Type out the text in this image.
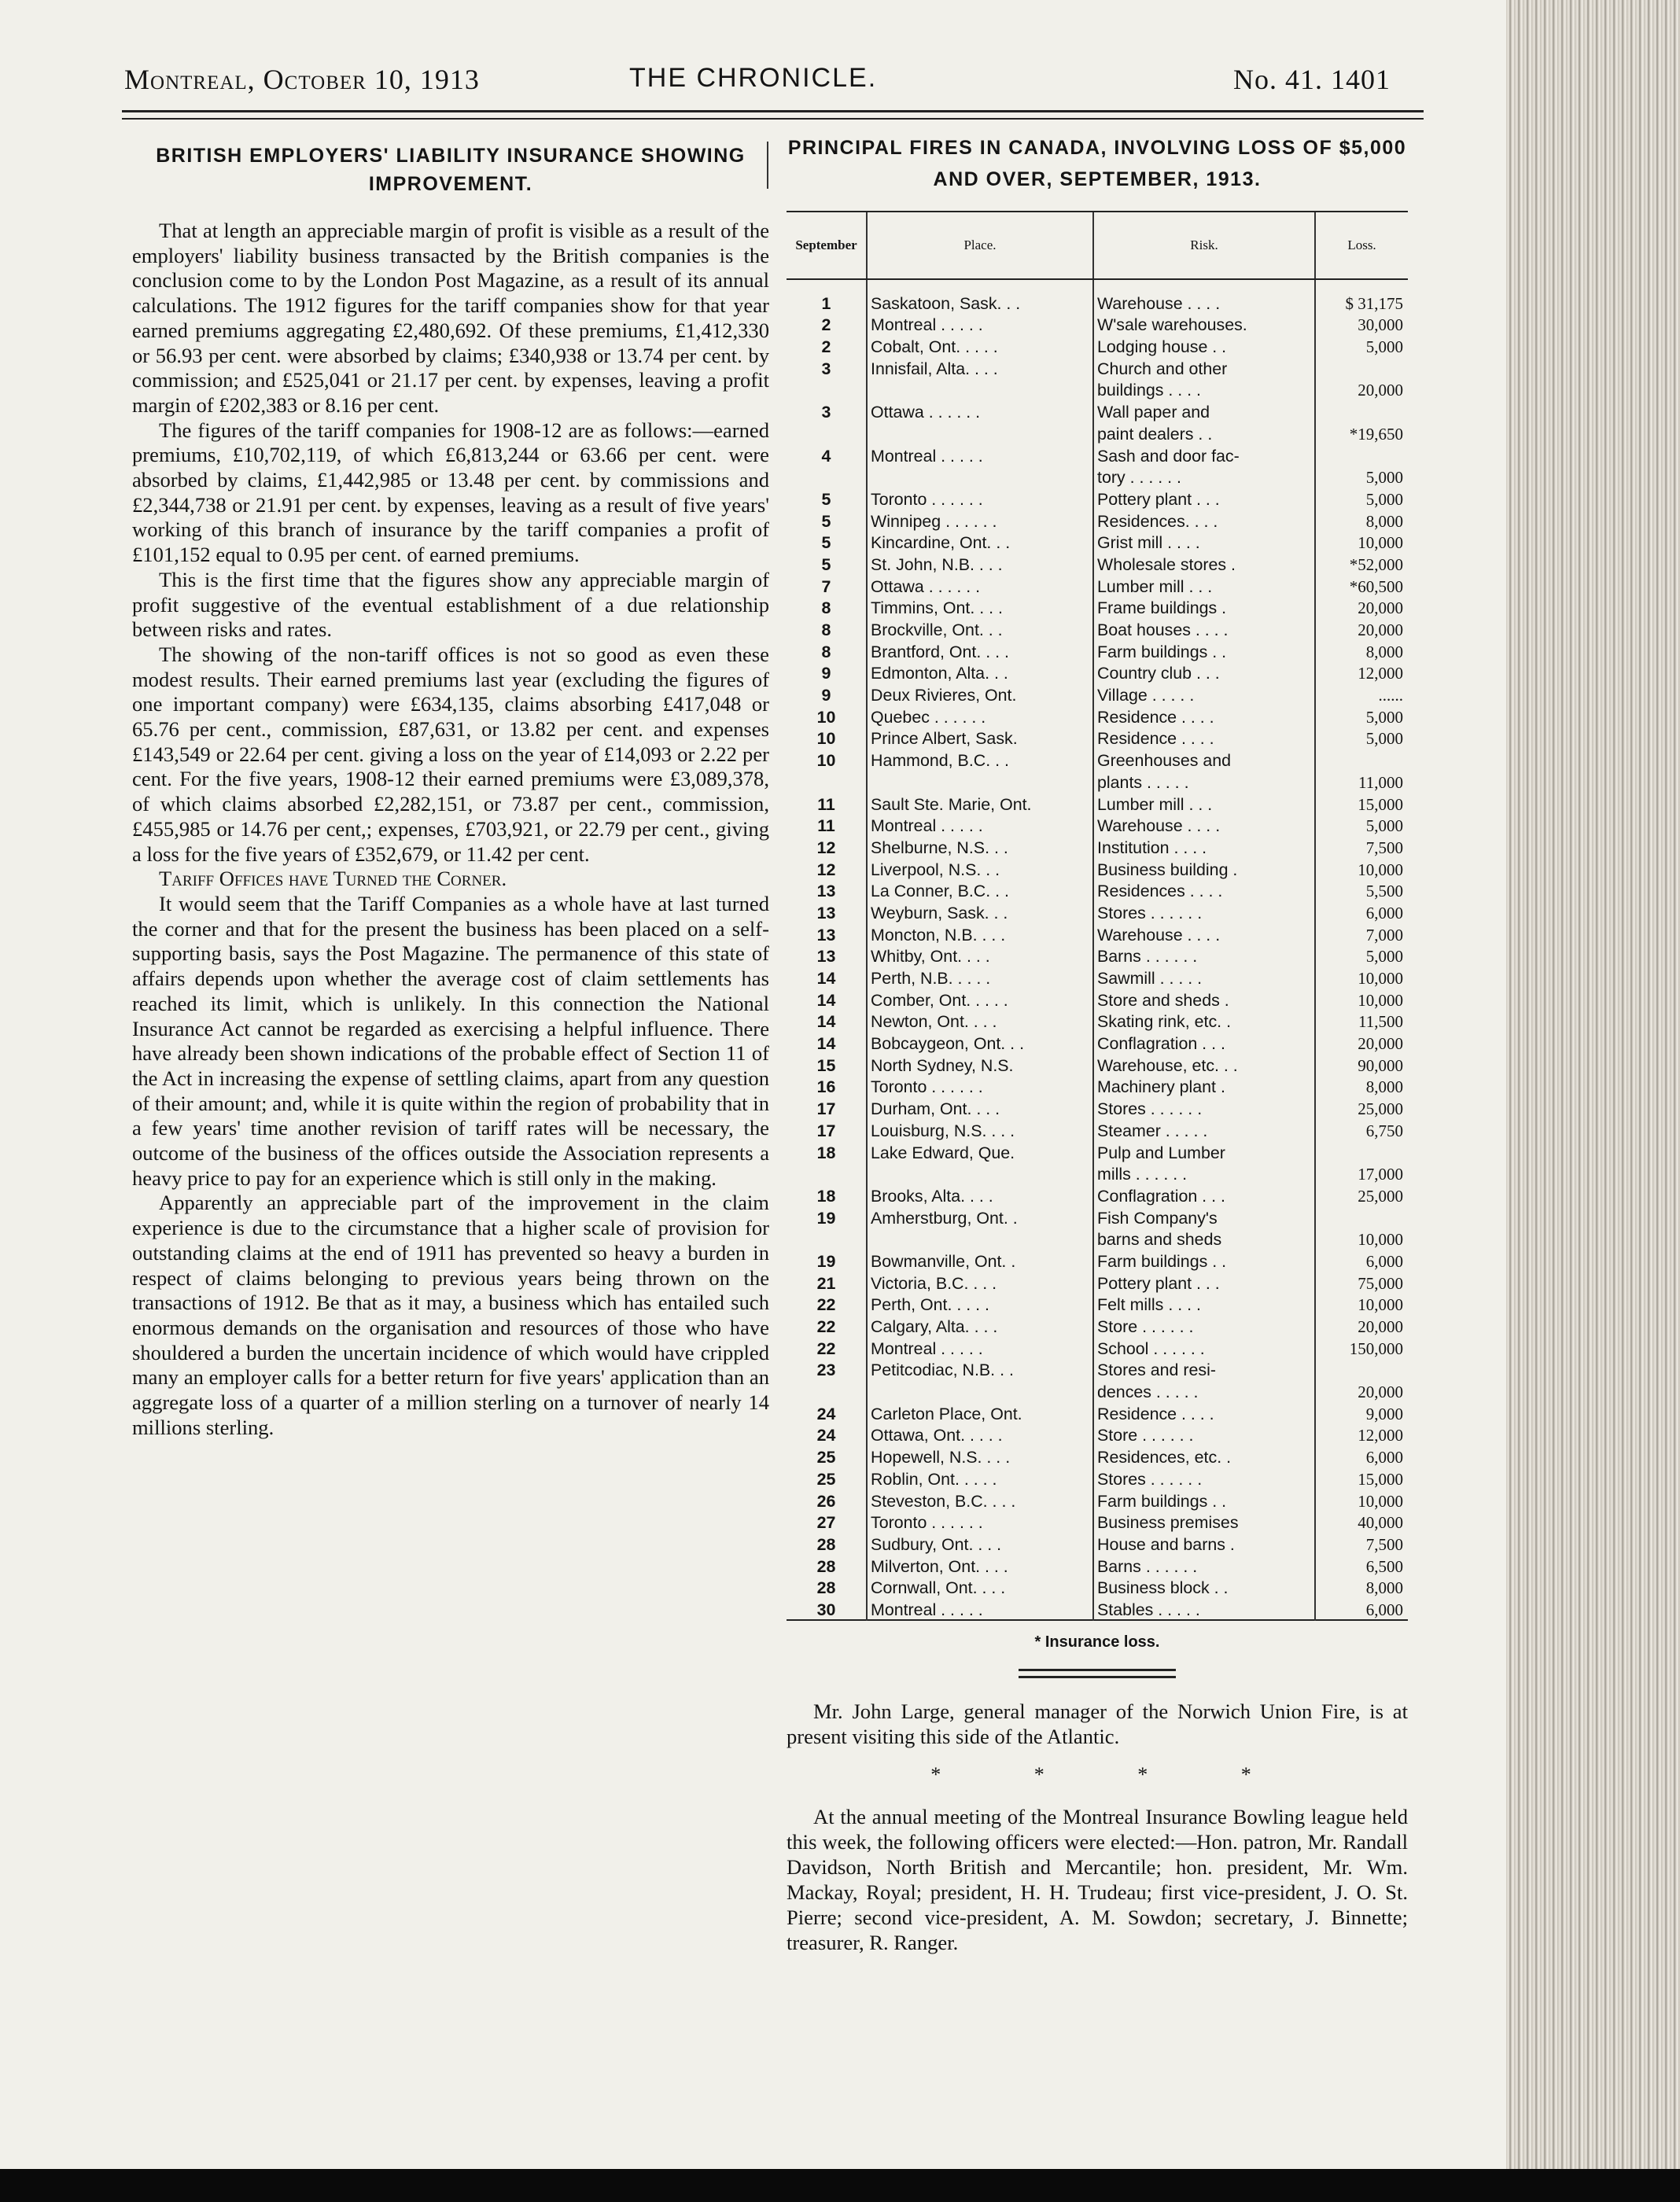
Montreal, October 10, 1913	THE CHRONICLE.	No. 41. 1401
BRITISH EMPLOYERS' LIABILITY INSURANCE SHOWING IMPROVEMENT.

That at length an appreciable margin of profit is visible as a result of the employers' liability business transacted by the British companies is the conclusion come to by the London Post Magazine, as a result of its annual calculations. The 1912 figures for the tariff companies show for that year earned premiums aggregating £2,480,692. Of these premiums, £1,412,330 or 56.93 per cent. were absorbed by claims; £340,938 or 13.74 per cent. by commission; and £525,041 or 21.17 per cent. by expenses, leaving a profit margin of £202,383 or 8.16 per cent.

The figures of the tariff companies for 1908-12 are as follows:—earned premiums, £10,702,119, of which £6,813,244 or 63.66 per cent. were absorbed by claims, £1,442,985 or 13.48 per cent. by commissions and £2,344,738 or 21.91 per cent. by expenses, leaving as a result of five years' working of this branch of insurance by the tariff companies a profit of £101,152 equal to 0.95 per cent. of earned premiums.

This is the first time that the figures show any appreciable margin of profit suggestive of the eventual establishment of a due relationship between risks and rates.

The showing of the non-tariff offices is not so good as even these modest results. Their earned premiums last year (excluding the figures of one important company) were £634,135, claims absorbing £417,048 or 65.76 per cent., commission, £87,631, or 13.82 per cent. and expenses £143,549 or 22.64 per cent. giving a loss on the year of £14,093 or 2.22 per cent. For the five years, 1908-12 their earned premiums were £3,089,378, of which claims absorbed £2,282,151, or 73.87 per cent., commission, £455,985 or 14.76 per cent,; expenses, £703,921, or 22.79 per cent., giving a loss for the five years of £352,679, or 11.42 per cent.

Tariff Offices have Turned the Corner.

It would seem that the Tariff Companies as a whole have at last turned the corner and that for the present the business has been placed on a self-supporting basis, says the Post Magazine. The permanence of this state of affairs depends upon whether the average cost of claim settlements has reached its limit, which is unlikely. In this connection the National Insurance Act cannot be regarded as exercising a helpful influence. There have already been shown indications of the probable effect of Section 11 of the Act in increasing the expense of settling claims, apart from any question of their amount; and, while it is quite within the region of probability that in a few years' time another revision of tariff rates will be necessary, the outcome of the business of the offices outside the Association represents a heavy price to pay for an experience which is still only in the making.

Apparently an appreciable part of the improvement in the claim experience is due to the circumstance that a higher scale of provision for outstanding claims at the end of 1911 has prevented so heavy a burden in respect of claims belonging to previous years being thrown on the transactions of 1912. Be that as it may, a business which has entailed such enormous demands on the organisation and resources of those who have shouldered a burden the uncertain incidence of which would have crippled many an employer calls for a better return for five years' application than an aggregate loss of a quarter of a million sterling on a turnover of nearly 14 millions sterling.

PRINCIPAL FIRES IN CANADA, INVOLVING LOSS OF $5,000 AND OVER, SEPTEMBER, 1913.
September	Place.	Risk.	Loss.
1	Saskatoon, Sask. . .	Warehouse . . . .	$ 31,175
2	Montreal . . . . .	W'sale warehouses.	30,000
2	Cobalt, Ont. . . . .	Lodging house . .	5,000
3	Innisfail, Alta. . . .	Church and other	
		buildings . . . .	20,000
3	Ottawa . . . . . .	Wall paper and	
		paint dealers . .	*19,650
4	Montreal . . . . .	Sash and door fac-	
		tory . . . . . .	5,000
5	Toronto . . . . . .	Pottery plant . . .	5,000
5	Winnipeg . . . . . .	Residences. . . .	8,000
5	Kincardine, Ont. . .	Grist mill . . . .	10,000
5	St. John, N.B. . . .	Wholesale stores .	*52,000
7	Ottawa . . . . . .	Lumber mill . . .	*60,500
8	Timmins, Ont. . . .	Frame buildings .	20,000
8	Brockville, Ont. . .	Boat houses . . . .	20,000
8	Brantford, Ont. . . .	Farm buildings . .	8,000
9	Edmonton, Alta. . .	Country club . . .	12,000
9	Deux Rivieres, Ont.	Village . . . . .	......
10	Quebec . . . . . .	Residence . . . .	5,000
10	Prince Albert, Sask.	Residence . . . .	5,000
10	Hammond, B.C. . .	Greenhouses and	
		plants . . . . .	11,000
11	Sault Ste. Marie, Ont.	Lumber mill . . .	15,000
11	Montreal . . . . .	Warehouse . . . .	5,000
12	Shelburne, N.S. . .	Institution . . . .	7,500
12	Liverpool, N.S. . .	Business building .	10,000
13	La Conner, B.C. . .	Residences . . . .	5,500
13	Weyburn, Sask. . .	Stores . . . . . .	6,000
13	Moncton, N.B. . . .	Warehouse . . . .	7,000
13	Whitby, Ont. . . .	Barns . . . . . .	5,000
14	Perth, N.B. . . . .	Sawmill . . . . .	10,000
14	Comber, Ont. . . . .	Store and sheds .	10,000
14	Newton, Ont. . . .	Skating rink, etc. .	11,500
14	Bobcaygeon, Ont. . .	Conflagration . . .	20,000
15	North Sydney, N.S.	Warehouse, etc. . .	90,000
16	Toronto . . . . . .	Machinery plant .	8,000
17	Durham, Ont. . . .	Stores . . . . . .	25,000
17	Louisburg, N.S. . . .	Steamer . . . . .	6,750
18	Lake Edward, Que.	Pulp and Lumber	
		mills . . . . . .	17,000
18	Brooks, Alta. . . .	Conflagration . . .	25,000
19	Amherstburg, Ont. .	Fish Company's	
		barns and sheds	10,000
19	Bowmanville, Ont. .	Farm buildings . .	6,000
21	Victoria, B.C. . . .	Pottery plant . . .	75,000
22	Perth, Ont. . . . .	Felt mills . . . .	10,000
22	Calgary, Alta. . . .	Store . . . . . .	20,000
22	Montreal . . . . .	School . . . . . .	150,000
23	Petitcodiac, N.B. . .	Stores and resi-	
		dences . . . . .	20,000
24	Carleton Place, Ont.	Residence . . . .	9,000
24	Ottawa, Ont. . . . .	Store . . . . . .	12,000
25	Hopewell, N.S. . . .	Residences, etc. .	6,000
25	Roblin, Ont. . . . .	Stores . . . . . .	15,000
26	Steveston, B.C. . . .	Farm buildings . .	10,000
27	Toronto . . . . . .	Business premises	40,000
28	Sudbury, Ont. . . .	House and barns .	7,500
28	Milverton, Ont. . . .	Barns . . . . . .	6,500
28	Cornwall, Ont. . . .	Business block . .	8,000
30	Montreal . . . . .	Stables . . . . .	6,000

* Insurance loss.

Mr. John Large, general manager of the Norwich Union Fire, is at present visiting this side of the Atlantic.

* * * *

At the annual meeting of the Montreal Insurance Bowling league held this week, the following officers were elected:—Hon. patron, Mr. Randall Davidson, North British and Mercantile; hon. president, Mr. Wm. Mackay, Royal; president, H. H. Trudeau; first vice-president, J. O. St. Pierre; second vice-president, A. M. Sowdon; secretary, J. Binnette; treasurer, R. Ranger.
